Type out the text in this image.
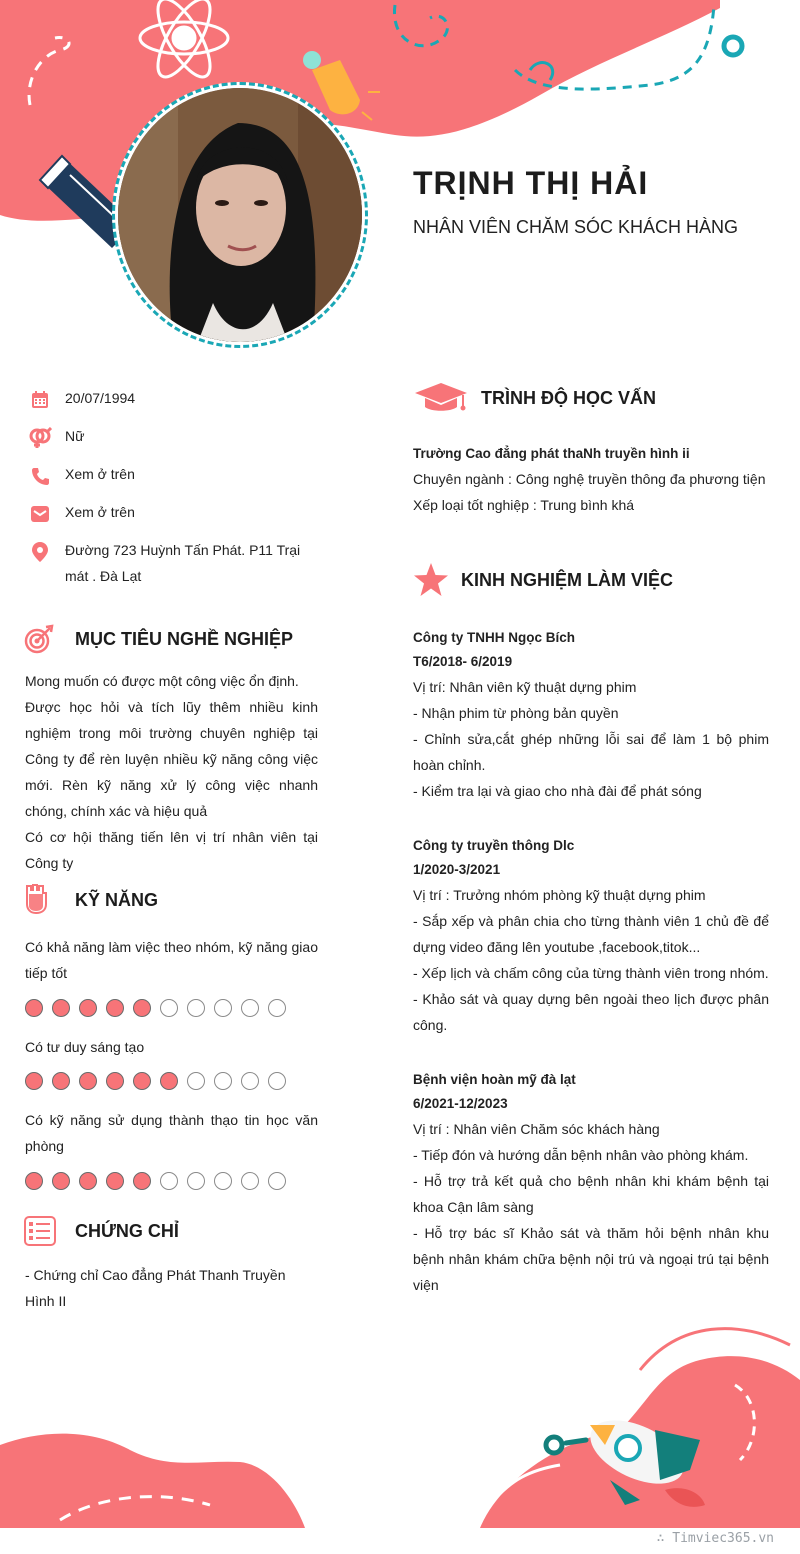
TRỊNH THỊ HẢI
NHÂN VIÊN CHĂM SÓC KHÁCH HÀNG
20/07/1994
Nữ
Xem ở trên
Xem ở trên
Đường 723 Huỳnh Tấn Phát. P11 Trại mát . Đà Lạt
MỤC TIÊU NGHỀ NGHIỆP

Mong muốn có được một công việc ổn định.

Được học hỏi và tích lũy thêm nhiều kinh nghiệm trong môi trường chuyên nghiệp tại Công ty để rèn luyện nhiều kỹ năng công việc mới. Rèn kỹ năng xử lý công việc nhanh chóng, chính xác và hiệu quả

Có cơ hội thăng tiến lên vị trí nhân viên tại Công ty

KỸ NĂNG
Có khả năng làm việc theo nhóm, kỹ năng giao tiếp tốt
Có tư duy sáng tạo
Có kỹ năng sử dụng thành thạo tin học văn phòng
CHỨNG CHỈ
- Chứng chỉ Cao đẳng Phát Thanh Truyền Hình II
TRÌNH ĐỘ HỌC VẤN

Trường Cao đẳng phát thaNh truyền hình ii

Chuyên ngành : Công nghệ truyền thông đa phương tiện

Xếp loại tốt nghiệp : Trung bình khá

KINH NGHIỆM LÀM VIỆC

Công ty TNHH Ngọc Bích

T6/2018- 6/2019

Vị trí: Nhân viên kỹ thuật dựng phim

- Nhận phim từ phòng bản quyền

- Chỉnh sửa,cắt ghép những lỗi sai để làm 1 bộ phim hoàn chỉnh.

- Kiểm tra lại và giao cho nhà đài để phát sóng

Công ty truyền thông Dlc

1/2020-3/2021

Vị trí : Trưởng nhóm phòng kỹ thuật dựng phim

- Sắp xếp và phân chia cho từng thành viên 1 chủ đề để dựng video đăng lên youtube ,facebook,titok...

- Xếp lịch và chấm công của từng thành viên trong nhóm.

- Khảo sát và quay dựng bên ngoài theo lịch được phân công.

Bệnh viện hoàn mỹ đà lạt

6/2021-12/2023

Vị trí : Nhân viên Chăm sóc khách hàng

- Tiếp đón và hướng dẫn bệnh nhân vào phòng khám.

- Hỗ trợ trả kết quả cho bệnh nhân khi khám bệnh tại khoa Cận lâm sàng

- Hỗ trợ bác sĩ Khảo sát và thăm hỏi bệnh nhân khu bệnh nhân khám chữa bệnh nội trú và ngoại trú tại bệnh viện

∴ Timviec365.vn
